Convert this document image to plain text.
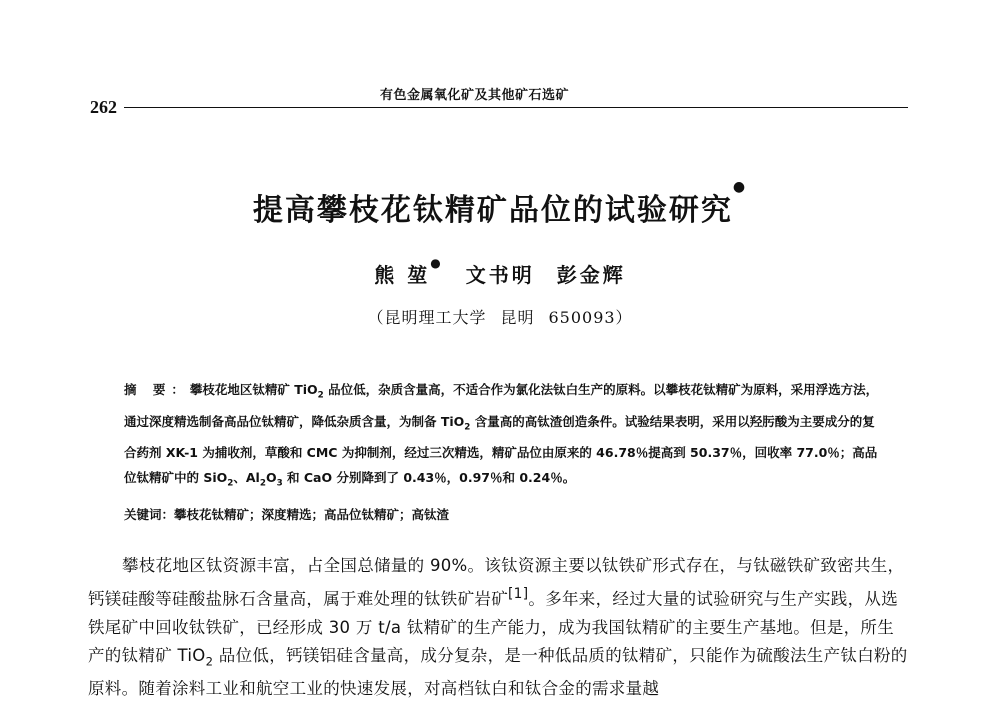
262
有色金属氧化矿及其他矿石选矿
提高攀枝花钛精矿品位的试验研究●
熊 堃● 文书明 彭金辉
（昆明理工大学 昆明 650093）
摘 要：攀枝花地区钛精矿 TiO$_2$ 品位低，杂质含量高，不适合作为氯化法钛白生产的原料。以攀枝花钛精矿为原料，采用浮选方法，通过深度精选制备高品位钛精矿，降低杂质含量，为制备 TiO$_2$ 含量高的高钛渣创造条件。试验结果表明，采用以羟肟酸为主要成分的复合药剂 XK-1 为捕收剂，草酸和 CMC 为抑制剂，经过三次精选，精矿品位由原来的 46.78％提高到 50.37％，回收率 77.0％；高品位钛精矿中的 SiO$_2$、$Al_2O_3$ 和 CaO 分别降到了 0.43％，0.97％和 0.24％。
关键词：攀枝花钛精矿；深度精选；高品位钛精矿；高钛渣
攀枝花地区钛资源丰富，占全国总储量的 90%。该钛资源主要以钛铁矿形式存在，与钛磁铁矿致密共生，钙镁硅酸等硅酸盐脉石含量高，属于难处理的钛铁矿岩矿[1]。多年来，经过大量的试验研究与生产实践，从选铁尾矿中回收钛铁矿，已经形成 30 万 t/a 钛精矿的生产能力，成为我国钛精矿的主要生产基地。但是，所生产的钛精矿 TiO$_2$ 品位低，钙镁铝硅含量高，成分复杂，是一种低品质的钛精矿，只能作为硫酸法生产钛白粉的原料。随着涂料工业和航空工业的快速发展，对高档钛白和钛合金的需求量越
